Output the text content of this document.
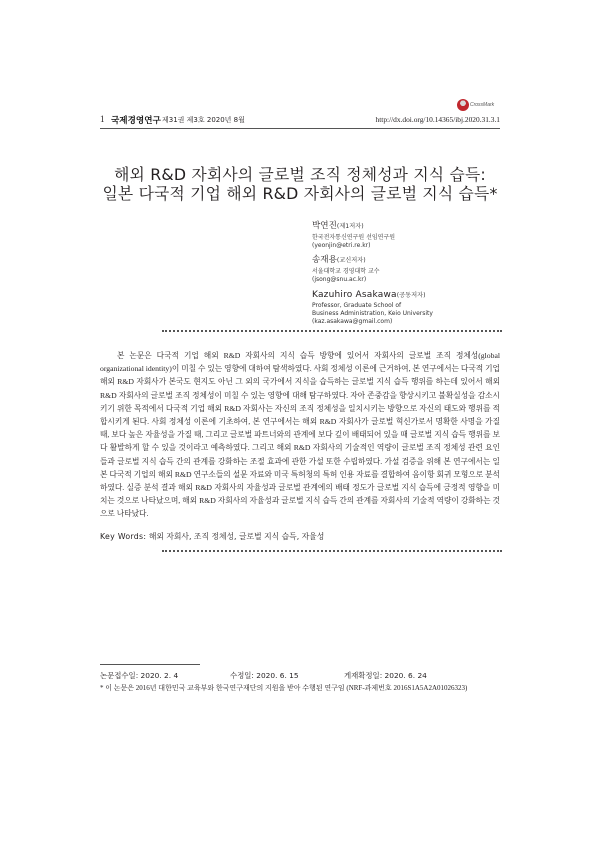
1 국제경영연구 제31권 제3호 2020년 8월	http://dx.doi.org/10.14365/ibj.2020.31.3.1
CrossMark
해외 R&D 자회사의 글로벌 조직 정체성과 지식 습득:
일본 다국적 기업 해외 R&D 자회사의 글로벌 지식 습득*
박연진(제1저자)
한국전자통신연구원 선임연구원
(yeonjin@etri.re.kr)
송재용(교신저자)
서울대학교 경영대학 교수
(jsong@snu.ac.kr)
Kazuhiro Asakawa(공동저자)
Professor, Graduate School of
Business Administration, Keio University
(kaz.asakawa@gmail.com)
본 논문은 다국적 기업 해외 R&D 자회사의 지식 습득 방향에 있어서 자회사의 글로벌 조직 정체성(global organizational identity)이 미칠 수 있는 영향에 대하여 탐색하였다. 사회 정체성 이론에 근거하여, 본 연구에서는 다국적 기업 해외 R&D 자회사가 본국도 현지도 아닌 그 외의 국가에서 지식을 습득하는 글로벌 지식 습득 행위를 하는데 있어서 해외 R&D 자회사의 글로벌 조직 정체성이 미칠 수 있는 영향에 대해 탐구하였다. 자아 존중감을 향상시키고 불확실성을 감소시키기 위한 목적에서 다국적 기업 해외 R&D 자회사는 자신의 조직 정체성을 일치시키는 방향으로 자신의 태도와 행위를 적합시키게 된다. 사회 정체성 이론에 기초하여, 본 연구에서는 해외 R&D 자회사가 글로벌 혁신가로서 명확한 사명을 가질 때, 보다 높은 자율성을 가질 때, 그리고 글로벌 파트너와의 관계에 보다 깊이 배태되어 있을 때 글로벌 지식 습득 행위를 보다 활발하게 할 수 있을 것이라고 예측하였다. 그리고 해외 R&D 자회사의 기술적인 역량이 글로벌 조직 정체성 관련 요인들과 글로벌 지식 습득 간의 관계를 강화하는 조절 효과에 관한 가설 또한 수립하였다. 가설 검증을 위해 본 연구에서는 일본 다국적 기업의 해외 R&D 연구소들의 설문 자료와 미국 특허청의 특허 인용 자료를 결합하여 음이항 회귀 모형으로 분석하였다. 실증 분석 결과 해외 R&D 자회사의 자율성과 글로벌 관계에의 배태 정도가 글로벌 지식 습득에 긍정적 영향을 미치는 것으로 나타났으며, 해외 R&D 자회사의 자율성과 글로벌 지식 습득 간의 관계를 자회사의 기술적 역량이 강화하는 것으로 나타났다.
Key Words: 해외 자회사, 조직 정체성, 글로벌 지식 습득, 자율성
논문접수일: 2020. 2. 4	수정일: 2020. 6. 15	게재확정일: 2020. 6. 24
* 이 논문은 2016년 대한민국 교육부와 한국연구재단의 지원을 받아 수행된 연구임 (NRF-과제번호 2016S1A5A2A01026323)
